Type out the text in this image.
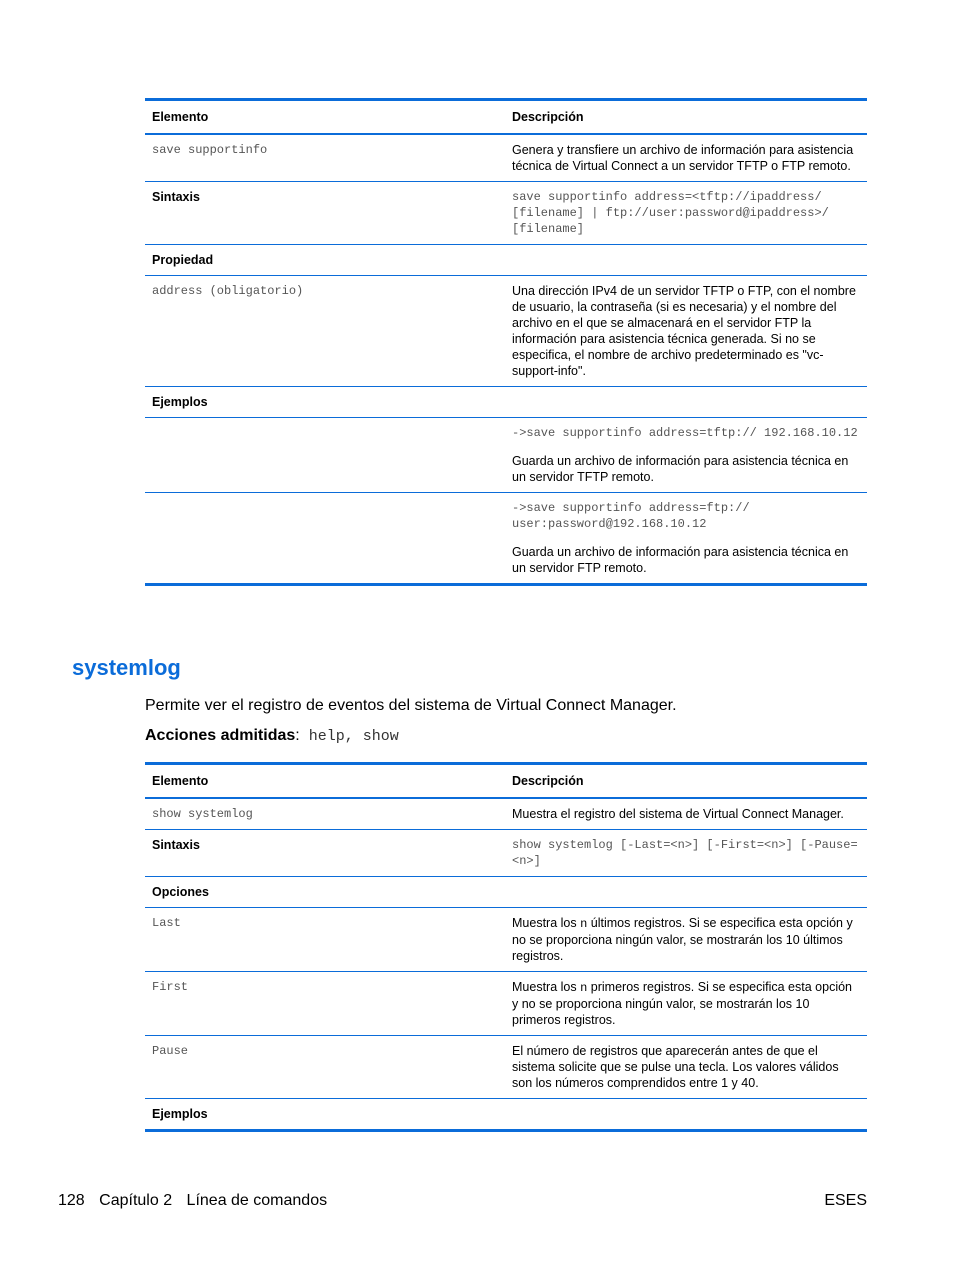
Elemento	Descripción
save supportinfo	Genera y transfiere un archivo de información para asistencia técnica de Virtual Connect a un servidor TFTP o FTP remoto.
Sintaxis	save supportinfo address=<tftp://ipaddress/ [filename] | ftp://user:password@ipaddress>/ [filename]
Propiedad	
address (obligatorio)	Una dirección IPv4 de un servidor TFTP o FTP, con el nombre de usuario, la contraseña (si es necesaria) y el nombre del archivo en el que se almacenará en el servidor FTP la información para asistencia técnica generada. Si no se especifica, el nombre de archivo predeterminado es "vc-support-info".
Ejemplos	

	->save supportinfo address=tftp:// 192.168.10.12

Guarda un archivo de información para asistencia técnica en un servidor TFTP remoto.

	->save supportinfo address=ftp:// user:password@192.168.10.12

Guarda un archivo de información para asistencia técnica en un servidor FTP remoto.

systemlog

Permite ver el registro de eventos del sistema de Virtual Connect Manager.

Acciones admitidas: help, show

Elemento	Descripción
show systemlog	Muestra el registro del sistema de Virtual Connect Manager.
Sintaxis	show systemlog [-Last=<n>] [-First=<n>] [-Pause=<n>]
Opciones	
Last	Muestra los n últimos registros. Si se especifica esta opción y no se proporciona ningún valor, se mostrarán los 10 últimos registros.
First	Muestra los n primeros registros. Si se especifica esta opción y no se proporciona ningún valor, se mostrarán los 10 primeros registros.
Pause	El número de registros que aparecerán antes de que el sistema solicite que se pulse una tecla. Los valores válidos son los números comprendidos entre 1 y 40.
Ejemplos	
128 Capítulo 2 Línea de comandos	ESES
